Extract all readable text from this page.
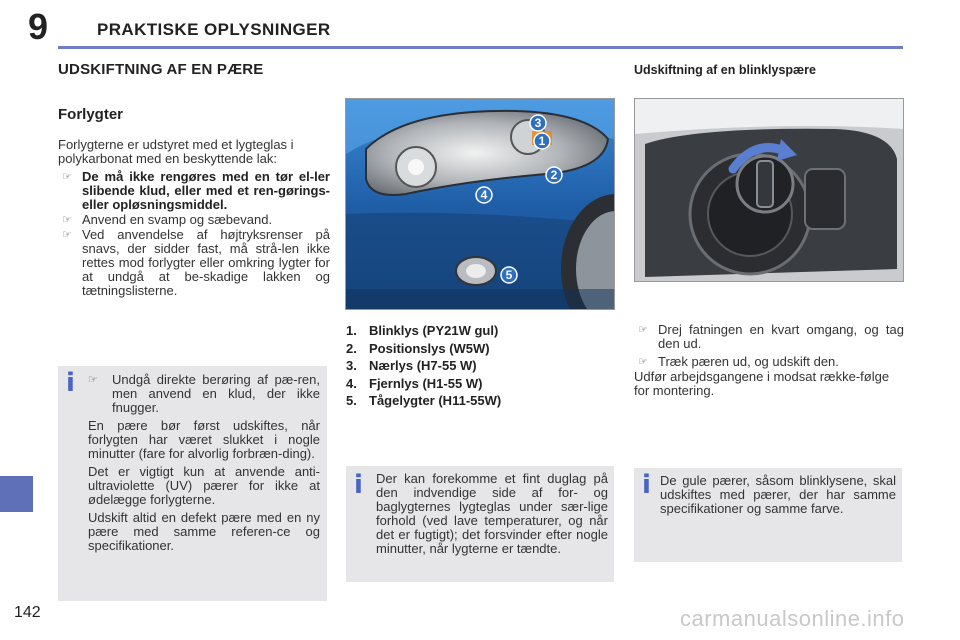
9	PRAKTISKE OPLYSNINGER
142
UDSKIFTNING AF EN PÆRE
Forlygter
Forlygterne er udstyret med et lygteglas i polykarbonat med en beskyttende lak:
☞ De må ikke rengøres med en tør el-ler slibende klud, eller med et ren-gørings- eller opløsningsmiddel.
☞ Anvend en svamp og sæbevand.
☞ Ved anvendelse af højtryksrenser på snavs, der sidder fast, må strå-len ikke rettes mod forlygter eller omkring lygter for at undgå at be-skadige lakken og tætningslisterne.
i ☞ Undgå direkte berøring af pæ-ren, men anvend en klud, der ikke fnugger.
En pære bør først udskiftes, når forlygten har været slukket i nogle minutter (fare for alvorlig forbræn-ding).
Det er vigtigt kun at anvende anti-ultraviolette (UV) pærer for ikke at ødelægge forlygterne.
Udskift altid en defekt pære med en ny pære med samme referen-ce og specifikationer.
3
1
4
2
5
1. Blinklys (PY21W gul)
2. Positionslys (W5W)
3. Nærlys (H7-55 W)
4. Fjernlys (H1-55 W)
5. Tågelygter (H11-55W)
i Der kan forekomme et fint duglag på den indvendige side af for- og baglygternes lygteglas under sær-lige forhold (ved lave temperaturer, og når det er fugtigt); det forsvinder efter nogle minutter, når lygterne er tændte.
Udskiftning af en blinklyspære
☞ Drej fatningen en kvart omgang, og tag den ud.
☞ Træk pæren ud, og udskift den.
Udfør arbejdsgangene i modsat række-følge for montering.
i De gule pærer, såsom blinklysene, skal udskiftes med pærer, der har samme specifikationer og samme farve.
carmanualsonline.info
